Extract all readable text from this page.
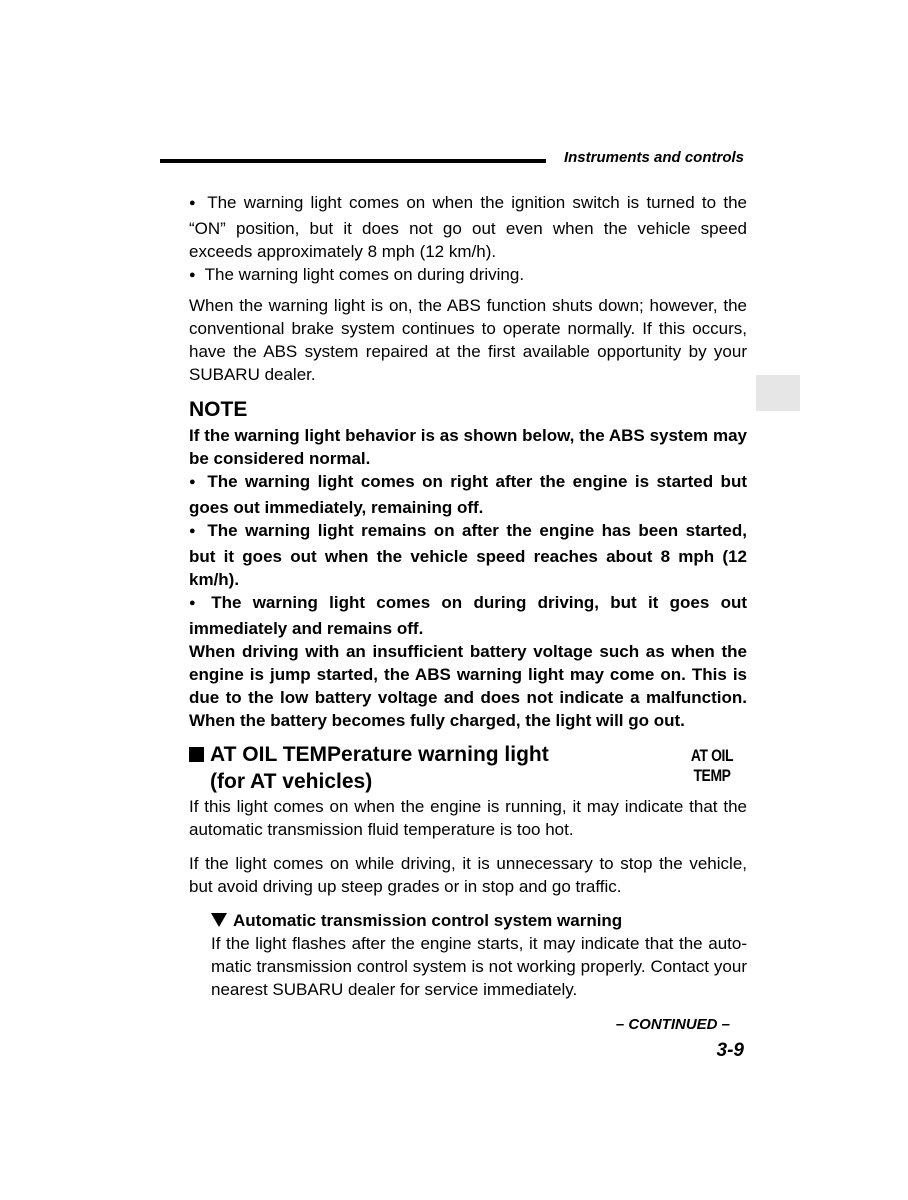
Instruments and controls

● The warning light comes on when the ignition switch is turned to the “ON” position, but it does not go out even when the vehicle speed exceeds approximately 8 mph (12 km/h).

● The warning light comes on during driving.

When the warning light is on, the ABS function shuts down; however, the conventional brake system continues to operate normally. If this occurs, have the ABS system repaired at the first available opportunity by your SUBARU dealer.

NOTE

If the warning light behavior is as shown below, the ABS system may be considered normal.

● The warning light comes on right after the engine is started but goes out immediately, remaining off.

● The warning light remains on after the engine has been started, but it goes out when the vehicle speed reaches about 8 mph (12 km/h).

● The warning light comes on during driving, but it goes out immediately and remains off.

When driving with an insufficient battery voltage such as when the engine is jump started, the ABS warning light may come on. This is due to the low battery voltage and does not indicate a malfunction. When the battery becomes fully charged, the light will go out.

AT OIL TEMPerature warning light
(for AT vehicles)
AT OIL
TEMP

If this light comes on when the engine is running, it may indicate that the automatic transmission fluid temperature is too hot.

If the light comes on while driving, it is unnecessary to stop the vehicle, but avoid driving up steep grades or in stop and go traffic.

Automatic transmission control system warning

If the light flashes after the engine starts, it may indicate that the auto-matic transmission control system is not working properly. Contact your nearest SUBARU dealer for service immediately.

– CONTINUED –
3-9
